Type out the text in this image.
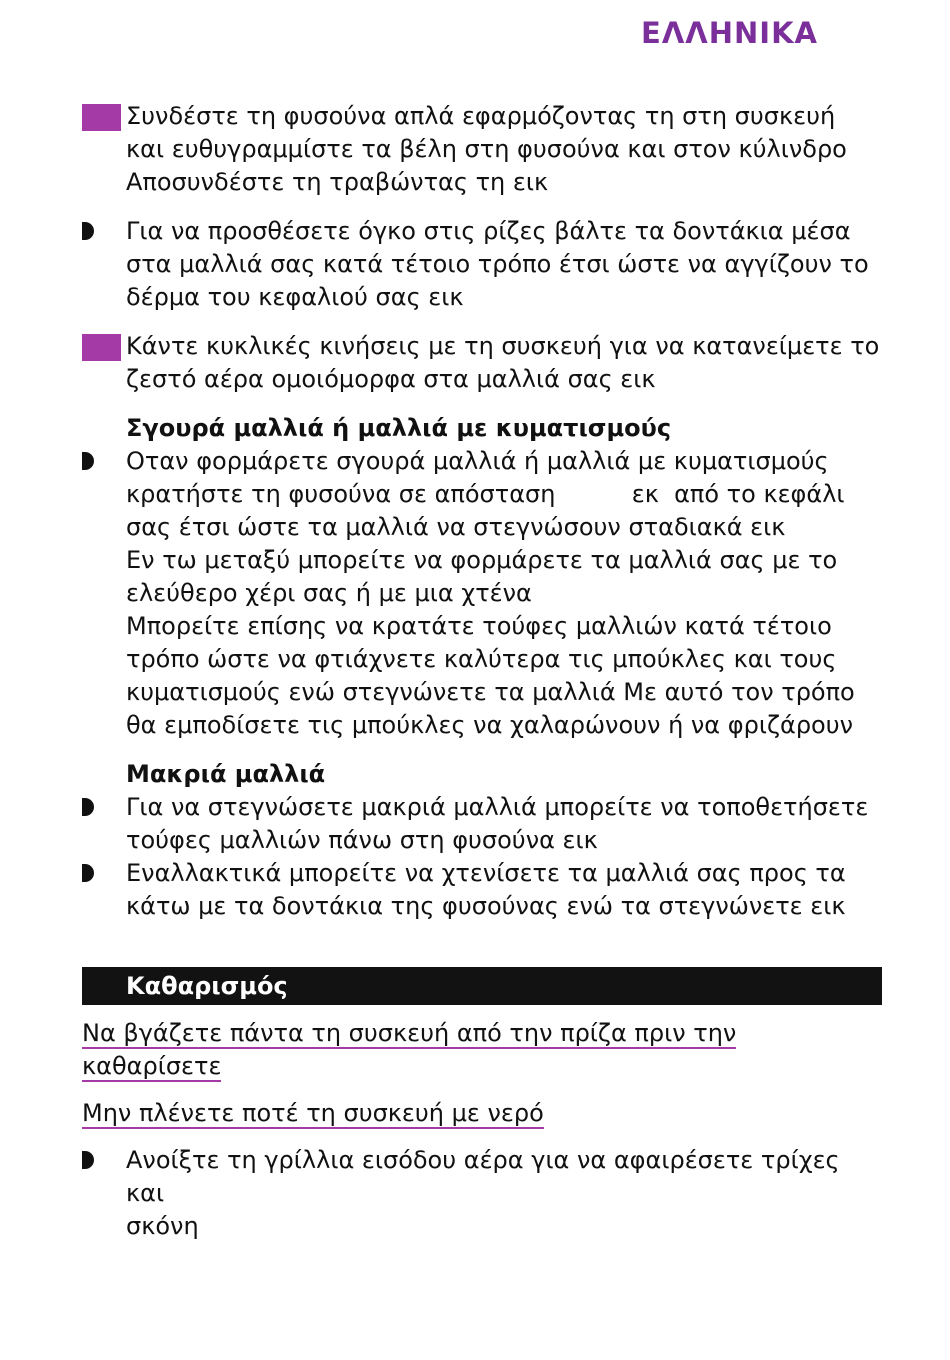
ΕΛΛΗΝΙΚΑ
Συνδέστε τη φυσούνα απλά εφαρμόζοντας τη στη συσκευή
και ευθυγραμμίστε τα βέλη στη φυσούνα και στον κύλινδρο
Αποσυνδέστε τη τραβώντας τη εικ
Για να προσθέσετε όγκο στις ρίζες βάλτε τα δοντάκια μέσα
στα μαλλιά σας κατά τέτοιο τρόπο έτσι ώστε να αγγίζουν το
δέρμα του κεφαλιού σας εικ
Κάντε κυκλικές κινήσεις με τη συσκευή για να κατανείμετε το
ζεστό αέρα ομοιόμορφα στα μαλλιά σας εικ
Σγουρά μαλλιά ή μαλλιά με κυματισμούς
Οταν φορμάρετε σγουρά μαλλιά ή μαλλιά με κυματισμούς
κρατήστε τη φυσούνα σε απόσταση          εκ  από το κεφάλι
σας έτσι ώστε τα μαλλιά να στεγνώσουν σταδιακά εικ
Εν τω μεταξύ μπορείτε να φορμάρετε τα μαλλιά σας με το
ελεύθερο χέρι σας ή με μια χτένα
Μπορείτε επίσης να κρατάτε τούφες μαλλιών κατά τέτοιο
τρόπο ώστε να φτιάχνετε καλύτερα τις μπούκλες και τους
κυματισμούς ενώ στεγνώνετε τα μαλλιά Με αυτό τον τρόπο
θα εμποδίσετε τις μπούκλες να χαλαρώνουν ή να φριζάρουν
Μακριά μαλλιά
Για να στεγνώσετε μακριά μαλλιά μπορείτε να τοποθετήσετε
τούφες μαλλιών πάνω στη φυσούνα εικ
Εναλλακτικά μπορείτε να χτενίσετε τα μαλλιά σας προς τα
κάτω με τα δοντάκια της φυσούνας ενώ τα στεγνώνετε εικ
Καθαρισμός
Να βγάζετε πάντα τη συσκευή από την πρίζα πριν την
καθαρίσετε
Μην πλένετε ποτέ τη συσκευή με νερό
Ανοίξτε τη γρίλλια εισόδου αέρα για να αφαιρέσετε τρίχες και
σκόνη
